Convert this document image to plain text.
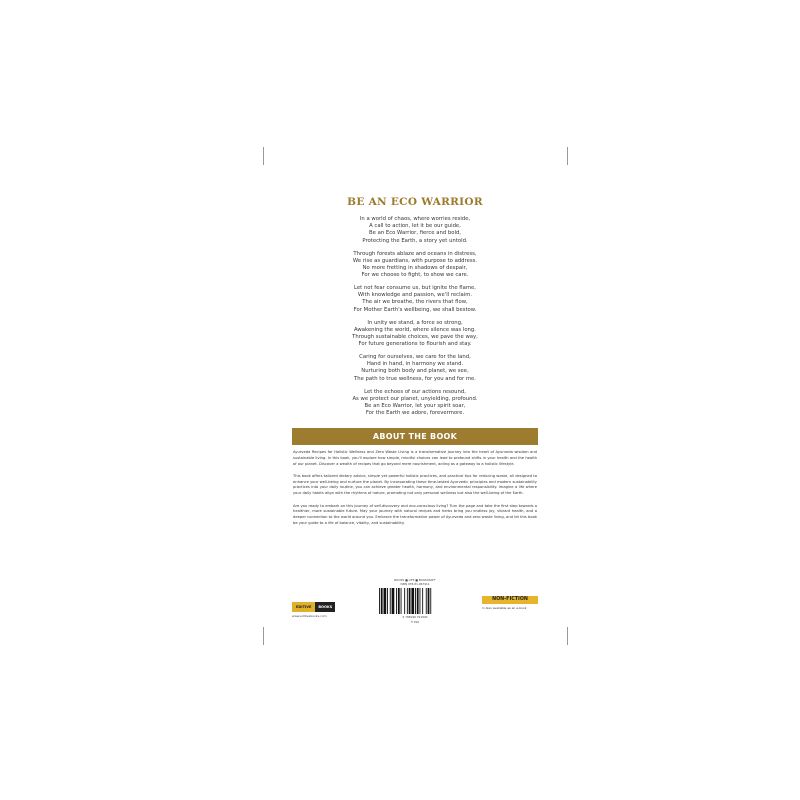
BE AN ECO WARRIOR
In a world of chaos, where worries reside,
A call to action, let it be our guide,
Be an Eco Warrior, fierce and bold,
Protecting the Earth, a story yet untold.
Through forests ablaze and oceans in distress,
We rise as guardians, with purpose to address.
No more fretting in shadows of despair,
For we choose to fight, to show we care.
Let not fear consume us, but ignite the flame,
With knowledge and passion, we'll reclaim.
The air we breathe, the rivers that flow,
For Mother Earth's wellbeing, we shall bestow.
In unity we stand, a force so strong,
Awakening the world, where silence was long.
Through sustainable choices, we pave the way,
For future generations to flourish and stay.
Caring for ourselves, we care for the land,
Hand in hand, in harmony we stand.
Nurturing both body and planet, we see,
The path to true wellness, for you and for me.
Let the echoes of our actions resound,
As we protect our planet, unyielding, profound.
Be an Eco Warrior, let your spirit soar,
For the Earth we adore, forevermore.
ABOUT THE BOOK

Ayurveda Recipes for Holistic Wellness and Zero Waste Living is a transformative journey into the heart of Ayurveda wisdom and sustainable living. In this book, you'll explore how simple, mindful choices can lead to profound shifts in your health and the health of our planet. Discover a wealth of recipes that go beyond mere nourishment, acting as a gateway to a holistic lifestyle.

This book offers tailored dietary advice, simple yet powerful holistic practices, and practical tips for reducing waste, all designed to enhance your well-being and nurture the planet. By incorporating these time-tested Ayurvedic principles and modern sustainability practices into your daily routine, you can achieve greater health, harmony, and environmental responsibility. Imagine a life where your daily habits align with the rhythms of nature, promoting not only personal wellness but also the well-being of the Earth.

Are you ready to embark on this journey of self-discovery and eco-conscious living? Turn the page and take the first step towards a healthier, more sustainable future. May your journey with natural recipes and herbs bring you endless joy, vibrant health, and a deeper connection to the world around you. Embrace the transformative power of Ayurveda and zero waste living, and let this book be your guide to a life of balance, vitality, and sustainability.

EDITIVE	BOOKS
www.editivebooks.com
BOOKS ■ LIFE ■ BOOKCRAFT
ISBN 978-81-967911
9 788196 791940
₹ 399
NON-FICTION
⊙ Also available as an e-book
